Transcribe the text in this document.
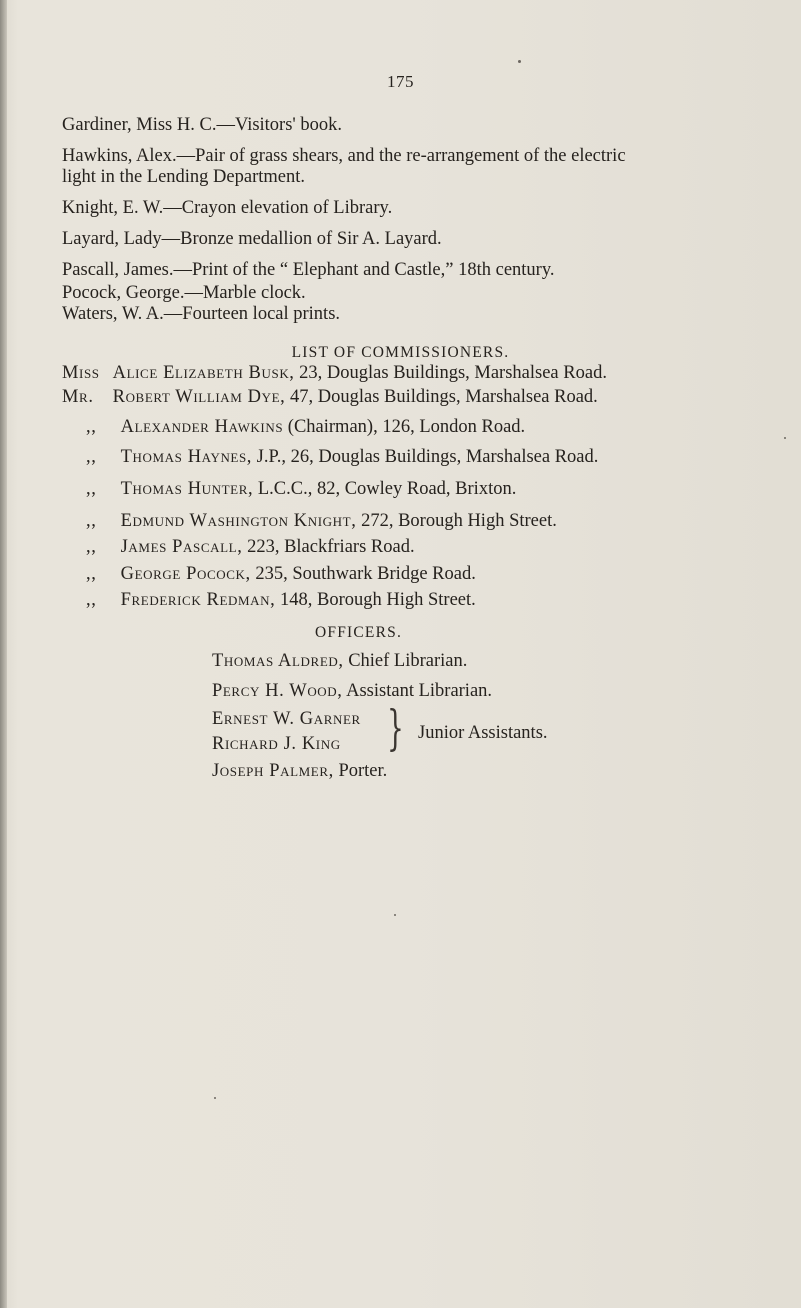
175
Gardiner, Miss H. C.—Visitors' book.
Hawkins, Alex.—Pair of grass shears, and the re-arrangement of the electric
light in the Lending Department.
Knight, E. W.—Crayon elevation of Library.
Layard, Lady—Bronze medallion of Sir A. Layard.
Pascall, James.—Print of the “ Elephant and Castle,” 18th century.
Pocock, George.—Marble clock.
Waters, W. A.—Fourteen local prints.
LIST OF COMMISSIONERS.
Miss Alice Elizabeth Busk, 23, Douglas Buildings, Marshalsea Road.
Mr. Robert William Dye, 47, Douglas Buildings, Marshalsea Road.
,, Alexander Hawkins (Chairman), 126, London Road.
,, Thomas Haynes, J.P., 26, Douglas Buildings, Marshalsea Road.
,, Thomas Hunter, L.C.C., 82, Cowley Road, Brixton.
,, Edmund Washington Knight, 272, Borough High Street.
,, James Pascall, 223, Blackfriars Road.
,, George Pocock, 235, Southwark Bridge Road.
,, Frederick Redman, 148, Borough High Street.
OFFICERS.
Thomas Aldred, Chief Librarian.
Percy H. Wood, Assistant Librarian.
Ernest W. Garner
Richard J. King } Junior Assistants.
Joseph Palmer, Porter.
